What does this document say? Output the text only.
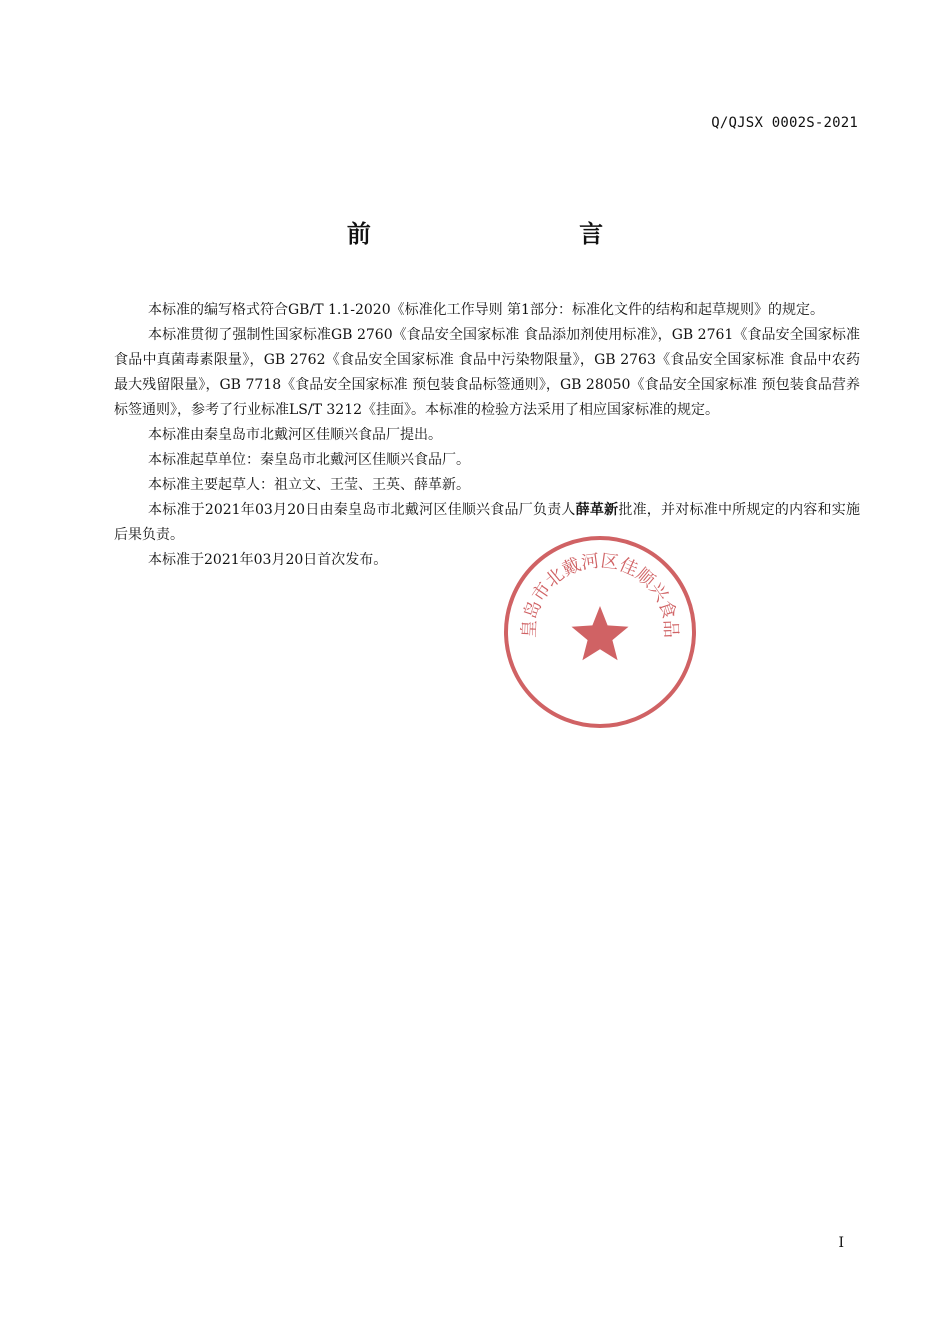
Q/QJSX 0002S-2021
前 言

本标准的编写格式符合GB/T 1.1-2020《标准化工作导则 第1部分：标准化文件的结构和起草规则》的规定。

本标准贯彻了强制性国家标准GB 2760《食品安全国家标准 食品添加剂使用标准》，GB 2761《食品安全国家标准 食品中真菌毒素限量》，GB 2762《食品安全国家标准 食品中污染物限量》，GB 2763《食品安全国家标准 食品中农药最大残留限量》，GB 7718《食品安全国家标准 预包装食品标签通则》，GB 28050《食品安全国家标准 预包装食品营养标签通则》，参考了行业标准LS/T 3212《挂面》。本标准的检验方法采用了相应国家标准的规定。

本标准由秦皇岛市北戴河区佳顺兴食品厂提出。

本标准起草单位：秦皇岛市北戴河区佳顺兴食品厂。

本标准主要起草人：祖立文、王莹、王英、薛革新。

本标准于2021年03月20日由秦皇岛市北戴河区佳顺兴食品厂负责人薛革新批准，并对标准中所规定的内容和实施后果负责。

本标准于2021年03月20日首次发布。

皇岛市北戴河区佳顺兴食品
I
